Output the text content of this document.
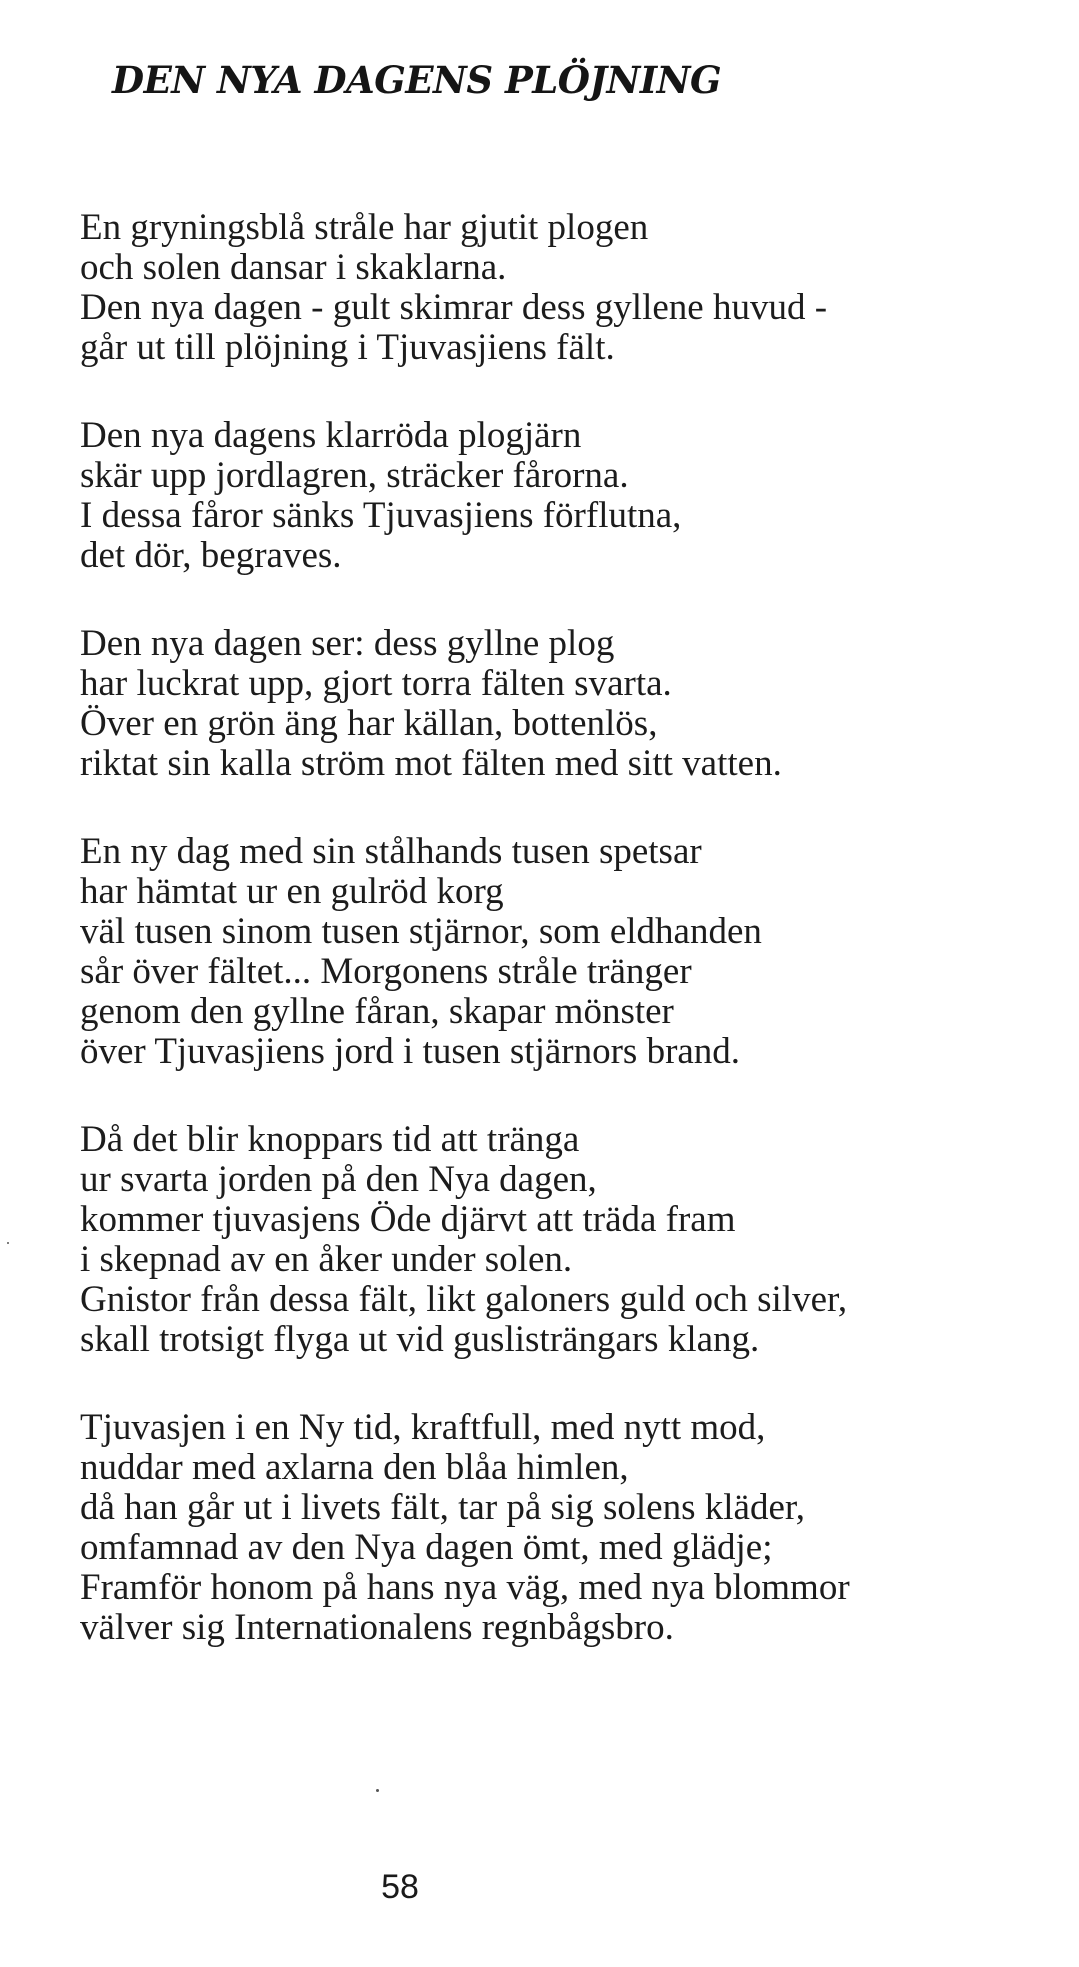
DEN NYA DAGENS PLÖJNING
En gryningsblå stråle har gjutit plogen
och solen dansar i skaklarna.
Den nya dagen - gult skimrar dess gyllene huvud -
går ut till plöjning i Tjuvasjiens fält.
Den nya dagens klarröda plogjärn
skär upp jordlagren, sträcker fårorna.
I dessa fåror sänks Tjuvasjiens förflutna,
det dör, begraves.
Den nya dagen ser: dess gyllne plog
har luckrat upp, gjort torra fälten svarta.
Över en grön äng har källan, bottenlös,
riktat sin kalla ström mot fälten med sitt vatten.
En ny dag med sin stålhands tusen spetsar
har hämtat ur en gulröd korg
väl tusen sinom tusen stjärnor, som eldhanden
sår över fältet... Morgonens stråle tränger
genom den gyllne fåran, skapar mönster
över Tjuvasjiens jord i tusen stjärnors brand.
Då det blir knoppars tid att tränga
ur svarta jorden på den Nya dagen,
kommer tjuvasjens Öde djärvt att träda fram
i skepnad av en åker under solen.
Gnistor från dessa fält, likt galoners guld och silver,
skall trotsigt flyga ut vid guslisträngars klang.
Tjuvasjen i en Ny tid, kraftfull, med nytt mod,
nuddar med axlarna den blåa himlen,
då han går ut i livets fält, tar på sig solens kläder,
omfamnad av den Nya dagen ömt, med glädje;
Framför honom på hans nya väg, med nya blommor
välver sig Internationalens regnbågsbro.
58
